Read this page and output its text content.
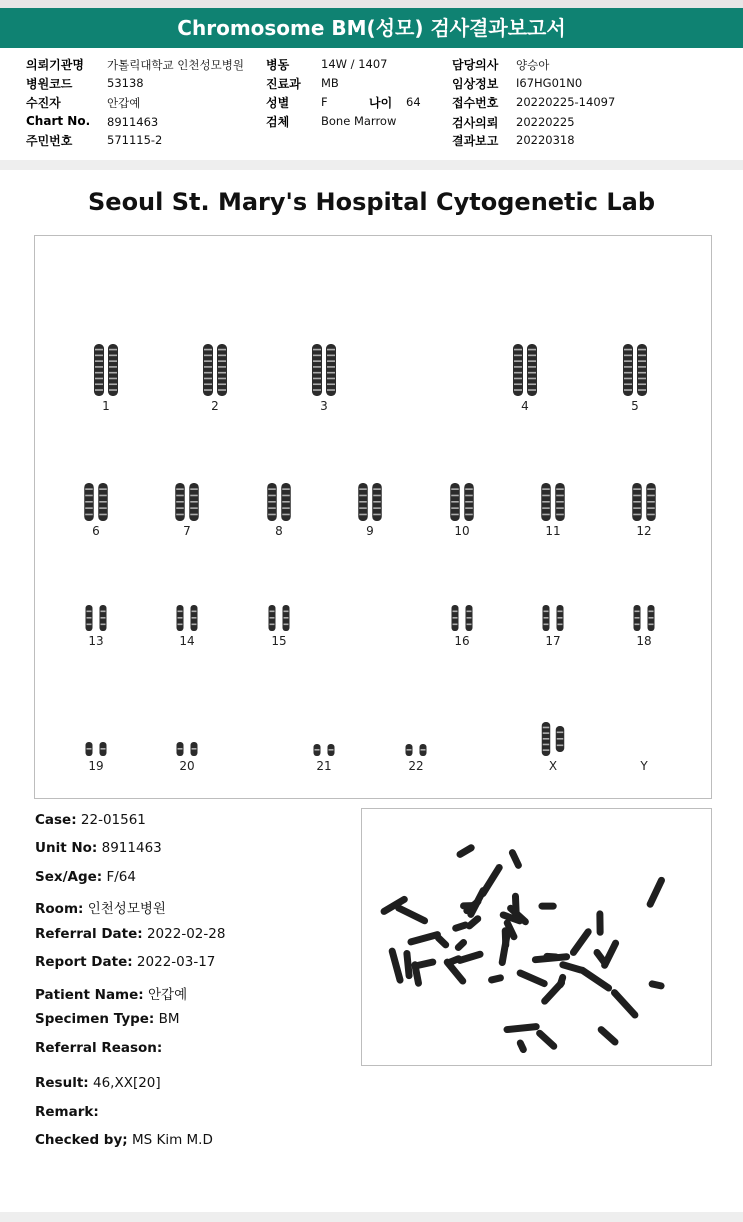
Chromosome BM(성모) 검사결과보고서
의뢰기관명 가톨릭대학교 인천성모병원
병원코드	53138
수진자	안갑예
Chart No. 8911463
주민번호	571115-2
병동	14W / 1407
진료과 MB
성별	F	나이 64
검체	Bone Marrow
담당의사 양승아
임상정보 I67HG01N0
접수번호 20220225-14097
검사의뢰 20220225
결과보고 20220318
Seoul St. Mary's Hospital Cytogenetic Lab
1	2	3	4	5
6	7	8	9	10	11	12
13	14	15	16	17	18
19	20	21	22	X	Y
Case: 22-01561
Unit No: 8911463
Sex/Age: F/64
Room: 인천성모병원
Referral Date: 2022-02-28
Report Date: 2022-03-17
Patient Name: 안갑예
Specimen Type: BM
Referral Reason:
Result: 46,XX[20]
Remark:
Checked by; MS Kim M.D
